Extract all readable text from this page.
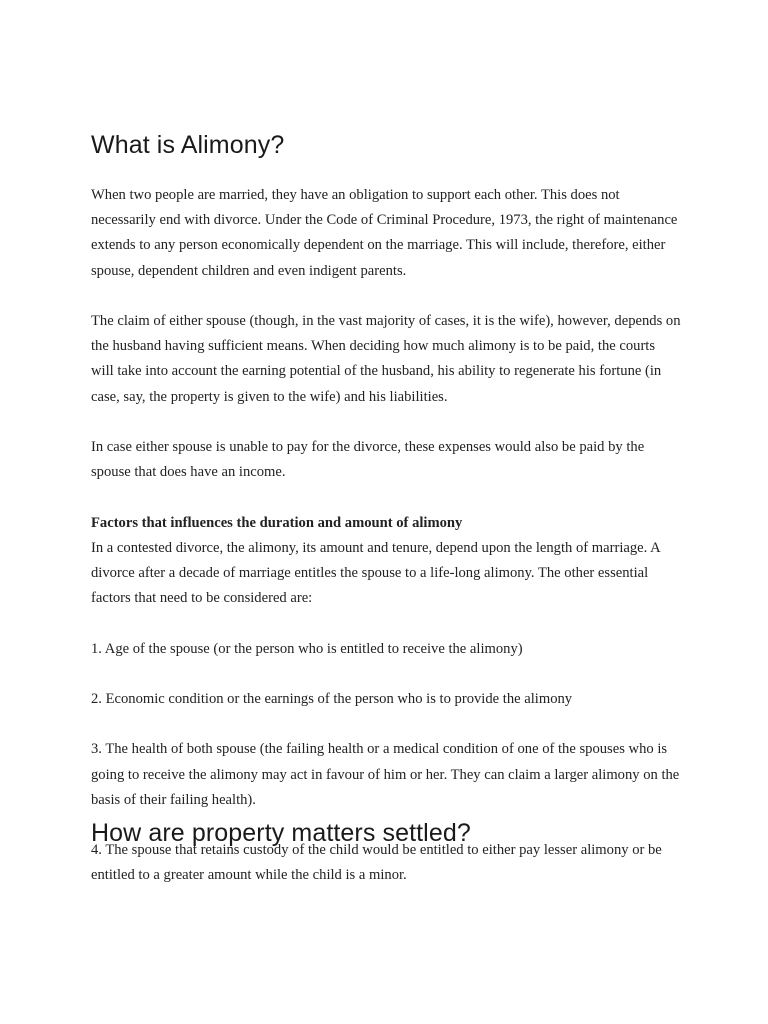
What is Alimony?

When two people are married, they have an obligation to support each other. This does not necessarily end with divorce. Under the Code of Criminal Procedure, 1973, the right of maintenance extends to any person economically dependent on the marriage. This will include, therefore, either spouse, dependent children and even indigent parents.

The claim of either spouse (though, in the vast majority of cases, it is the wife), however, depends on the husband having sufficient means. When deciding how much alimony is to be paid, the courts will take into account the earning potential of the husband, his ability to regenerate his fortune (in case, say, the property is given to the wife) and his liabilities.

In case either spouse is unable to pay for the divorce, these expenses would also be paid by the spouse that does have an income.

Factors that influences the duration and amount of alimony

In a contested divorce, the alimony, its amount and tenure, depend upon the length of marriage. A divorce after a decade of marriage entitles the spouse to a life-long alimony. The other essential factors that need to be considered are:

1. Age of the spouse (or the person who is entitled to receive the alimony)

2. Economic condition or the earnings of the person who is to provide the alimony

3. The health of both spouse (the failing health or a medical condition of one of the spouses who is going to receive the alimony may act in favour of him or her. They can claim a larger alimony on the basis of their failing health).

4. The spouse that retains custody of the child would be entitled to either pay lesser alimony or be entitled to a greater amount while the child is a minor.

How are property matters settled?
